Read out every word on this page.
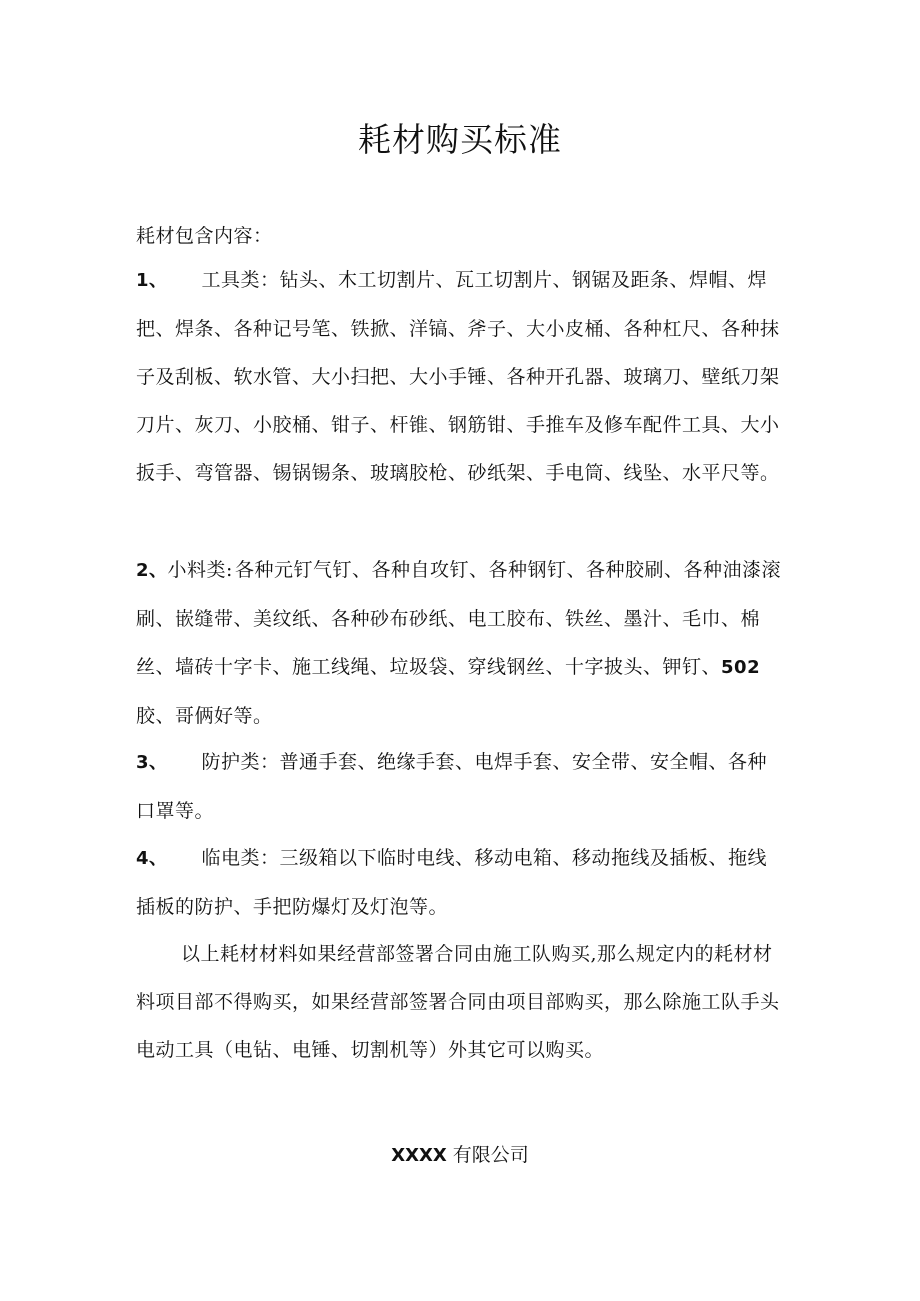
耗材购买标准
耗材包含内容：
1、 工具类：钻头、木工切割片、瓦工切割片、钢锯及距条、焊帽、焊把、焊条、各种记号笔、铁掀、洋镐、斧子、大小皮桶、各种杠尺、各种抹子及刮板、软水管、大小扫把、大小手锤、各种开孔器、玻璃刀、壁纸刀架刀片、灰刀、小胶桶、钳子、杆锥、钢筋钳、手推车及修车配件工具、大小扳手、弯管器、锡锅锡条、玻璃胶枪、砂纸架、手电筒、线坠、水平尺等。
2、小料类: 各种元钉气钉、各种自攻钉、各种钢钉、各种胶刷、各种油漆滚刷、嵌缝带、美纹纸、各种砂布砂纸、电工胶布、铁丝、墨汁、毛巾、棉丝、墙砖十字卡、施工线绳、垃圾袋、穿线钢丝、十字披头、钾钉、502胶、哥俩好等。
3、 防护类：普通手套、绝缘手套、电焊手套、安全带、安全帽、各种口罩等。
4、 临电类：三级箱以下临时电线、移动电箱、移动拖线及插板、拖线插板的防护、手把防爆灯及灯泡等。
以上耗材材料如果经营部签署合同由施工队购买,那么规定内的耗材材料项目部不得购买，如果经营部签署合同由项目部购买，那么除施工队手头电动工具（电钻、电锤、切割机等）外其它可以购买。
XXXX 有限公司
